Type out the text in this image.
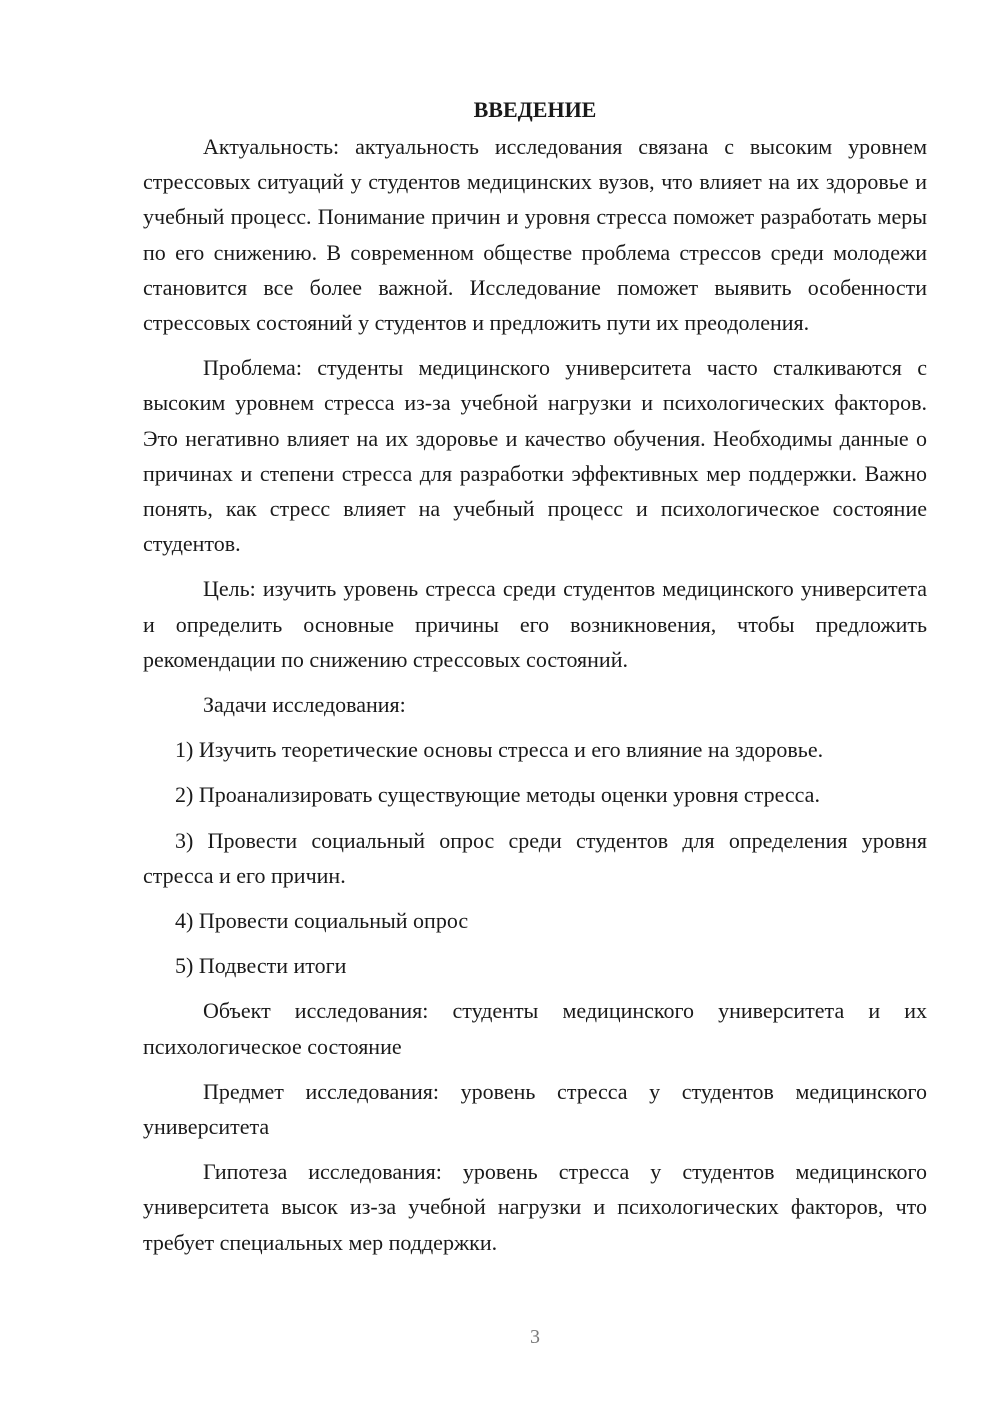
ВВЕДЕНИЕ

Актуальность: актуальность исследования связана с высоким уровнем стрессовых ситуаций у студентов медицинских вузов, что влияет на их здоровье и учебный процесс. Понимание причин и уровня стресса поможет разработать меры по его снижению. В современном обществе проблема стрессов среди молодежи становится все более важной. Исследование поможет выявить особенности стрессовых состояний у студентов и предложить пути их преодоления.

Проблема: студенты медицинского университета часто сталкиваются с высоким уровнем стресса из-за учебной нагрузки и психологических факторов. Это негативно влияет на их здоровье и качество обучения. Необходимы данные о причинах и степени стресса для разработки эффективных мер поддержки. Важно понять, как стресс влияет на учебный процесс и психологическое состояние студентов.

Цель: изучить уровень стресса среди студентов медицинского университета и определить основные причины его возникновения, чтобы предложить рекомендации по снижению стрессовых состояний.

Задачи исследования:

1) Изучить теоретические основы стресса и его влияние на здоровье.

2) Проанализировать существующие методы оценки уровня стресса.

3) Провести социальный опрос среди студентов для определения уровня стресса и его причин.

4) Провести социальный опрос

5) Подвести итоги

Объект исследования: студенты медицинского университета и их психологическое состояние

Предмет исследования: уровень стресса у студентов медицинского университета

Гипотеза исследования: уровень стресса у студентов медицинского университета высок из-за учебной нагрузки и психологических факторов, что требует специальных мер поддержки.

3
